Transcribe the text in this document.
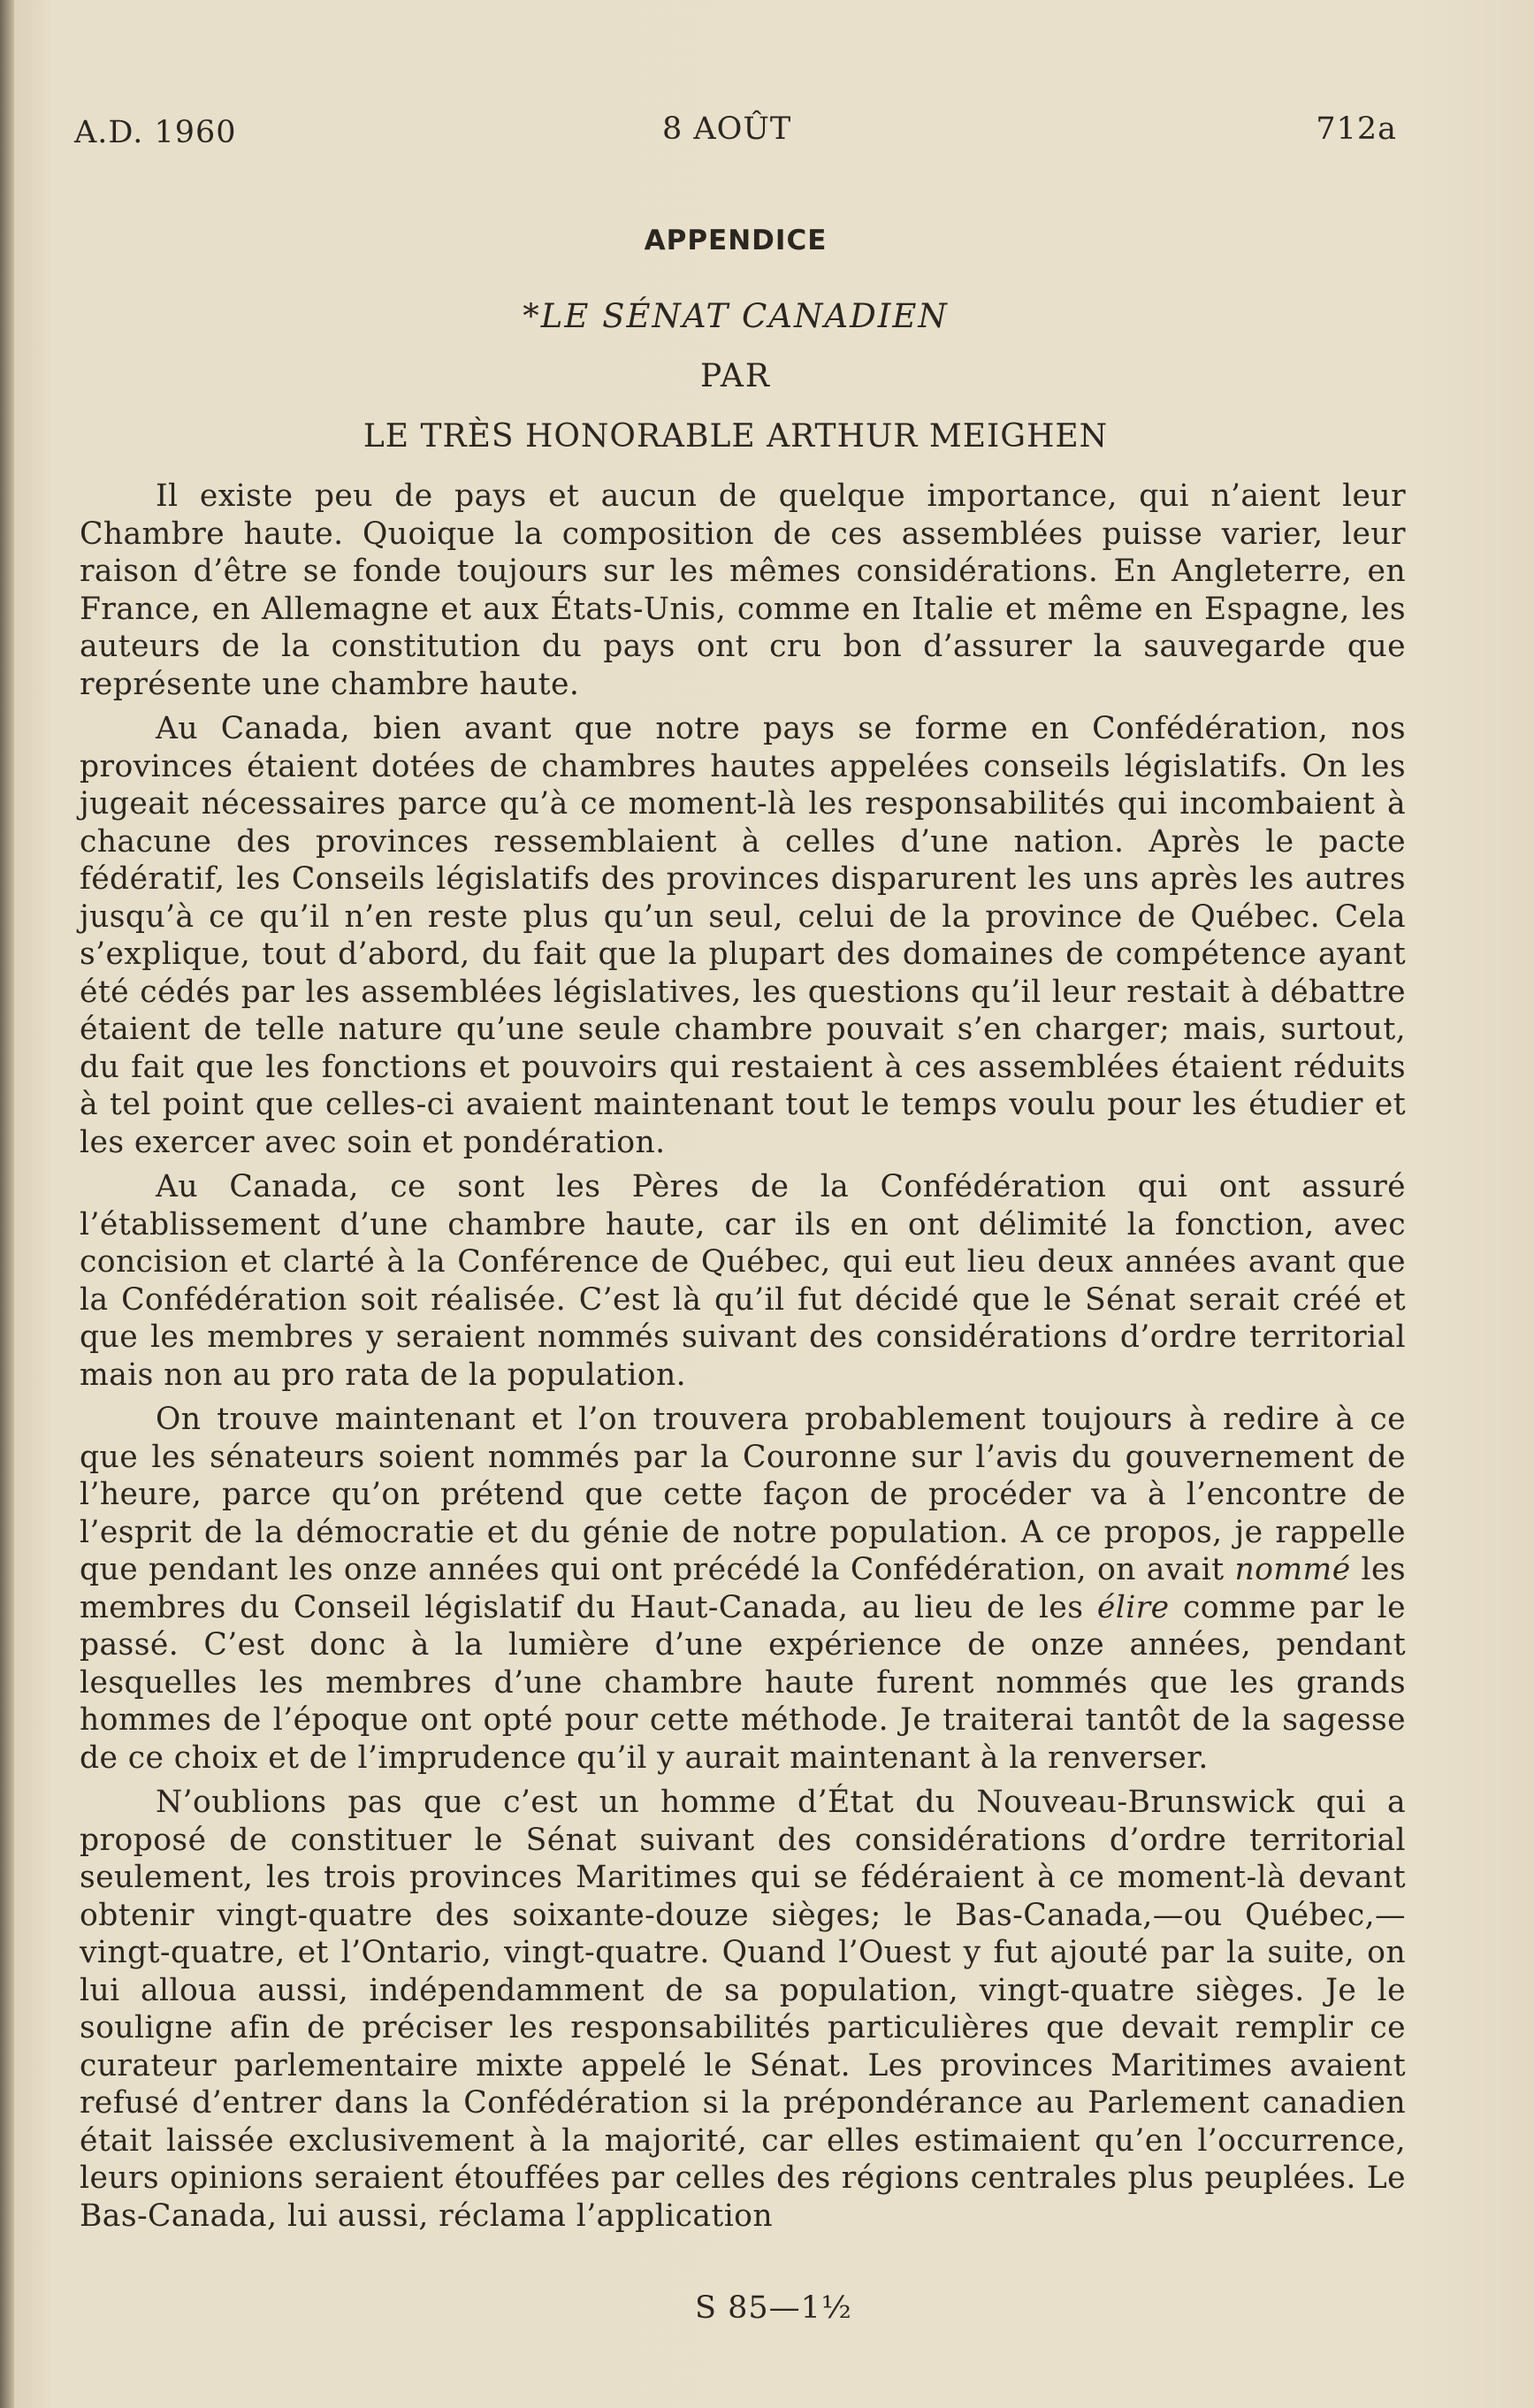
A.D. 1960	8 AOÛT	712a
APPENDICE
*LE SÉNAT CANADIEN
PAR
LE TRÈS HONORABLE ARTHUR MEIGHEN

Il existe peu de pays et aucun de quelque importance, qui n’aient leur Chambre haute. Quoique la composition de ces assemblées puisse varier, leur raison d’être se fonde toujours sur les mêmes considérations. En Angleterre, en France, en Allemagne et aux États-Unis, comme en Italie et même en Espagne, les auteurs de la constitution du pays ont cru bon d’assurer la sauvegarde que représente une chambre haute.

Au Canada, bien avant que notre pays se forme en Confédération, nos provinces étaient dotées de chambres hautes appelées conseils législatifs. On les jugeait nécessaires parce qu’à ce moment-là les responsabilités qui incombaient à chacune des provinces ressemblaient à celles d’une nation. Après le pacte fédératif, les Conseils législatifs des provinces disparurent les uns après les autres jusqu’à ce qu’il n’en reste plus qu’un seul, celui de la province de Québec. Cela s’explique, tout d’abord, du fait que la plupart des domaines de compétence ayant été cédés par les assemblées législatives, les questions qu’il leur restait à débattre étaient de telle nature qu’une seule chambre pouvait s’en charger; mais, surtout, du fait que les fonctions et pouvoirs qui restaient à ces assemblées étaient réduits à tel point que celles-ci avaient maintenant tout le temps voulu pour les étudier et les exercer avec soin et pondération.

Au Canada, ce sont les Pères de la Confédération qui ont assuré l’établissement d’une chambre haute, car ils en ont délimité la fonction, avec concision et clarté à la Conférence de Québec, qui eut lieu deux années avant que la Confédération soit réalisée. C’est là qu’il fut décidé que le Sénat serait créé et que les membres y seraient nommés suivant des considérations d’ordre territorial mais non au pro rata de la population.

On trouve maintenant et l’on trouvera probablement toujours à redire à ce que les sénateurs soient nommés par la Couronne sur l’avis du gouvernement de l’heure, parce qu’on prétend que cette façon de procéder va à l’encontre de l’esprit de la démocratie et du génie de notre population. A ce propos, je rappelle que pendant les onze années qui ont précédé la Confédération, on avait nommé les membres du Conseil législatif du Haut-Canada, au lieu de les élire comme par le passé. C’est donc à la lumière d’une expérience de onze années, pendant lesquelles les membres d’une chambre haute furent nommés que les grands hommes de l’époque ont opté pour cette méthode. Je traiterai tantôt de la sagesse de ce choix et de l’imprudence qu’il y aurait maintenant à la renverser.

N’oublions pas que c’est un homme d’État du Nouveau-Brunswick qui a proposé de constituer le Sénat suivant des considérations d’ordre territorial seulement, les trois provinces Maritimes qui se fédéraient à ce moment-là devant obtenir vingt-quatre des soixante-douze sièges; le Bas-Canada,—ou Québec,—vingt-quatre, et l’Ontario, vingt-quatre. Quand l’Ouest y fut ajouté par la suite, on lui alloua aussi, indépendamment de sa population, vingt-quatre sièges. Je le souligne afin de préciser les responsabilités particulières que devait remplir ce curateur parlementaire mixte appelé le Sénat. Les provinces Maritimes avaient refusé d’entrer dans la Confédération si la prépondérance au Parlement canadien était laissée exclusivement à la majorité, car elles estimaient qu’en l’occurrence, leurs opinions seraient étouffées par celles des régions centrales plus peuplées. Le Bas-Canada, lui aussi, réclama l’application

S 85—1½
